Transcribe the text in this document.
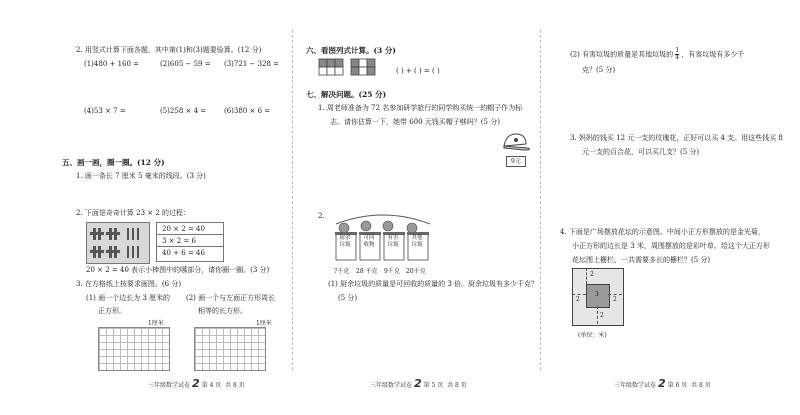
2. 用竖式计算下面各题，其中第(1)和(3)题要验算。(12 分)
(1)480 + 160 =	(2)605 − 59 = (3)721 − 328 =
(4)53 × 7 =	(5)258 × 4 =	(6)380 × 6 =
五、画一画，圈一圈。(12 分)
1. 画一条长 7 厘米 5 毫米的线段。(3 分)
2. 下面是奇奇计算 23 × 2 的过程：
20 × 2 = 40
3 × 2 = 6
40 + 6 = 46
20 × 2 = 40 表示小棒图中的哪部分，请你圈一圈。(3 分)
3. 在方格纸上按要求画图。(6 分)
(1) 画一个边长为 3 厘米的
正方形。
(2) 画一个与左面正方形周长
相等的长方形。
1厘米	1厘米
三年级数学试卷 2 第 4 页 共 8 页
六、看图列式计算。(3 分)
( ) + ( ) = ( )
七、解决问题。(25 分)
1. 周老师准备为 72 名参加研学旅行的同学购买统一的帽子作为标
志。请你估算一下，她带 600 元钱买帽子够吗？(5 分)
9元
2.
厨余垃圾
可回收物
有害垃圾
其他垃圾
?千克 28 千克 9千克 20千克
(1) 厨余垃圾的质量是可回收的质量的 3 倍。厨余垃圾有多少千克？
(5 分)
三年级数学试卷 2 第 5 页 共 8 页
(2) 有害垃圾的质量是其他垃圾的 $\frac{1}{4}$ ，有害垃圾有多少千
克？(5 分)
3. 妈妈的钱买 12 元一支的玫瑰花，正好可以买 4 支。用这些钱买 8
元一支的百合花，可以买几支？(5 分)
4. 下面是广场摆放花坛的示意图。中间小正方形摆放的是金光菊，
小正方形的边长是 3 米，周围摆放的是彩叶草。给这个大正方形
花坛围上栅栏，一共需要多长的栅栏？(5 分)
2
2
3
2
2
(单位：米)
三年级数学试卷 2 第 6 页 共 8 页
